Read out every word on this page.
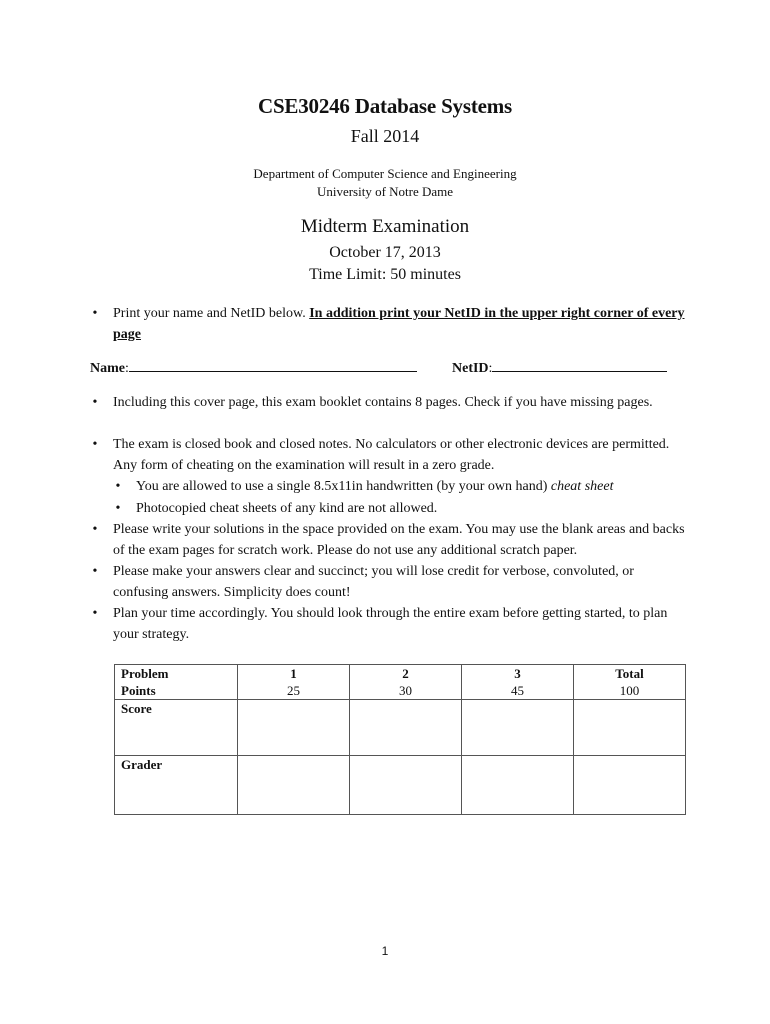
CSE30246 Database Systems
Fall 2014
Department of Computer Science and Engineering
University of Notre Dame
Midterm Examination
October 17, 2013
Time Limit: 50 minutes
• Print your name and NetID below. In addition print your NetID in the upper right corner of every page
Name:	NetID:
• Including this cover page, this exam booklet contains 8 pages. Check if you have missing pages.
• The exam is closed book and closed notes. No calculators or other electronic devices are permitted. Any form of cheating on the examination will result in a zero grade.
• You are allowed to use a single 8.5x11in handwritten (by your own hand) cheat sheet
• Photocopied cheat sheets of any kind are not allowed.
• Please write your solutions in the space provided on the exam. You may use the blank areas and backs of the exam pages for scratch work. Please do not use any additional scratch paper.
• Please make your answers clear and succinct; you will lose credit for verbose, convoluted, or confusing answers. Simplicity does count!
• Plan your time accordingly. You should look through the entire exam before getting started, to plan your strategy.
Problem	1	2	3	Total
Points	25	30	45	100
Score				
Grader				
1
